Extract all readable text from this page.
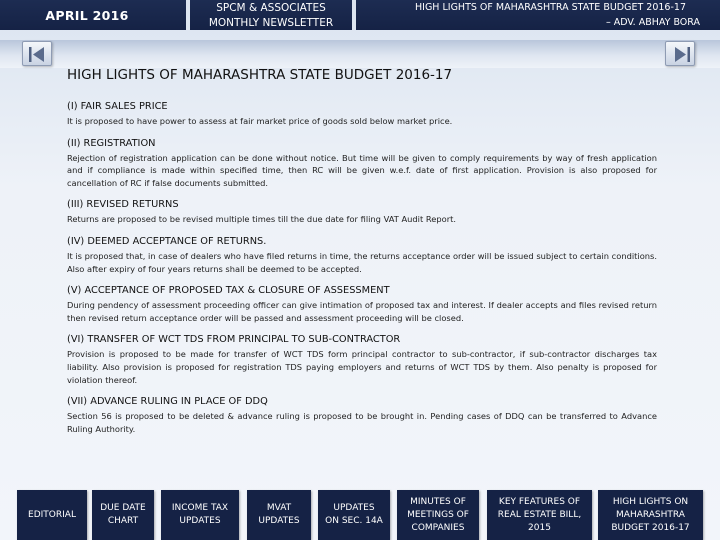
APRIL 2016	SPCM & ASSOCIATES
MONTHLY NEWSLETTER
HIGH LIGHTS OF MAHARASHTRA STATE BUDGET 2016-17
– ADV. ABHAY BORA
HIGH LIGHTS OF MAHARASHTRA STATE BUDGET 2016-17
(I) FAIR SALES PRICE
It is proposed to have power to assess at fair market price of goods sold below market price.
(II) REGISTRATION
Rejection of registration application can be done without notice. But time will be given to comply requirements by way of fresh application and if compliance is made within specified time, then RC will be given w.e.f. date of first application. Provision is also proposed for cancellation of RC if false documents submitted.
(III) REVISED RETURNS
Returns are proposed to be revised multiple times till the due date for filing VAT Audit Report.
(IV) DEEMED ACCEPTANCE OF RETURNS.
It is proposed that, in case of dealers who have filed returns in time, the returns acceptance order will be issued subject to certain conditions. Also after expiry of four years returns shall be deemed to be accepted.
(V) ACCEPTANCE OF PROPOSED TAX & CLOSURE OF ASSESSMENT
During pendency of assessment proceeding officer can give intimation of proposed tax and interest. If dealer accepts and files revised return then revised return acceptance order will be passed and assessment proceeding will be closed.
(VI) TRANSFER OF WCT TDS FROM PRINCIPAL TO SUB-CONTRACTOR
Provision is proposed to be made for transfer of WCT TDS form principal contractor to sub-contractor, if sub-contractor discharges tax liability. Also provision is proposed for registration TDS paying employers and returns of WCT TDS by them. Also penalty is proposed for violation thereof.
(VII) ADVANCE RULING IN PLACE OF DDQ
Section 56 is proposed to be deleted & advance ruling is proposed to be brought in. Pending cases of DDQ can be transferred to Advance Ruling Authority.
EDITORIAL
DUE DATE
CHART
INCOME TAX
UPDATES
MVAT
UPDATES
UPDATES
ON SEC. 14A
MINUTES OF
MEETINGS OF
COMPANIES
KEY FEATURES OF
REAL ESTATE BILL,
2015
HIGH LIGHTS ON
MAHARASHTRA
BUDGET 2016-17
